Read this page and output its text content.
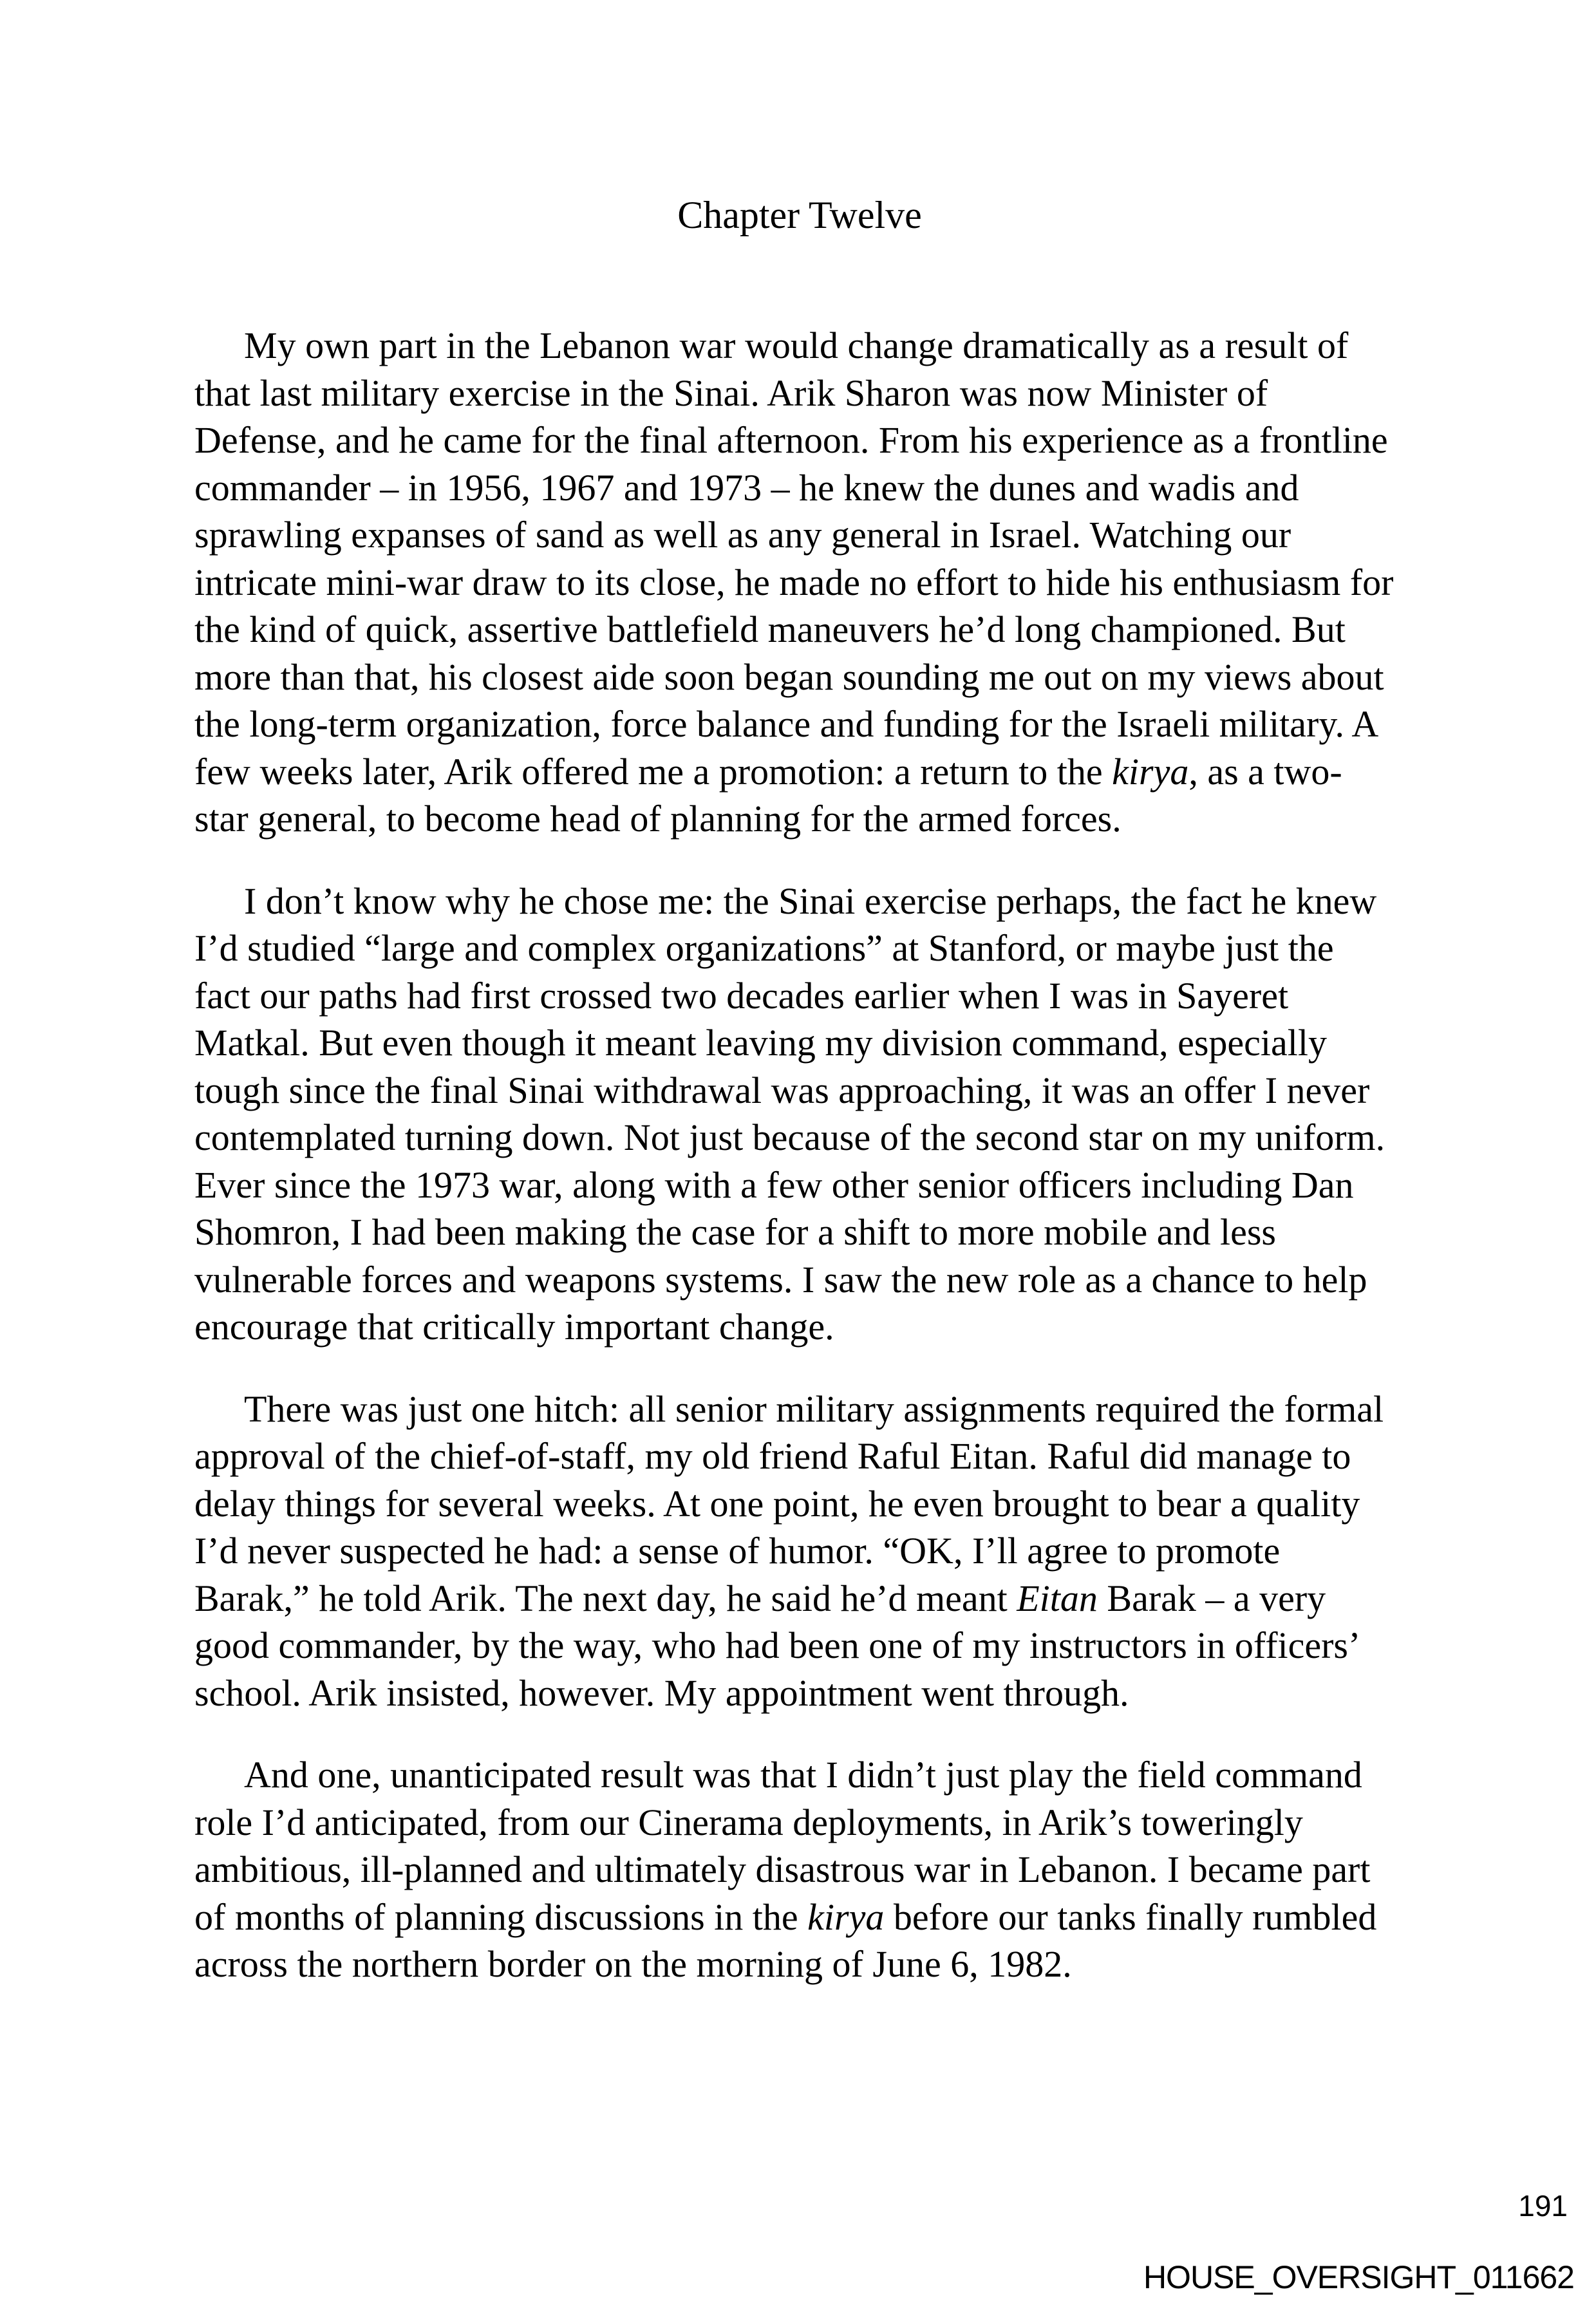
Chapter Twelve

My own part in the Lebanon war would change dramatically as a result of
that last military exercise in the Sinai. Arik Sharon was now Minister of
Defense, and he came for the final afternoon. From his experience as a frontline
commander – in 1956, 1967 and 1973 – he knew the dunes and wadis and
sprawling expanses of sand as well as any general in Israel. Watching our
intricate mini-war draw to its close, he made no effort to hide his enthusiasm for
the kind of quick, assertive battlefield maneuvers he’d long championed. But
more than that, his closest aide soon began sounding me out on my views about
the long-term organization, force balance and funding for the Israeli military. A
few weeks later, Arik offered me a promotion: a return to the kirya, as a two-
star general, to become head of planning for the armed forces.

I don’t know why he chose me: the Sinai exercise perhaps, the fact he knew
I’d studied “large and complex organizations” at Stanford, or maybe just the
fact our paths had first crossed two decades earlier when I was in Sayeret
Matkal. But even though it meant leaving my division command, especially
tough since the final Sinai withdrawal was approaching, it was an offer I never
contemplated turning down. Not just because of the second star on my uniform.
Ever since the 1973 war, along with a few other senior officers including Dan
Shomron, I had been making the case for a shift to more mobile and less
vulnerable forces and weapons systems. I saw the new role as a chance to help
encourage that critically important change.

There was just one hitch: all senior military assignments required the formal
approval of the chief-of-staff, my old friend Raful Eitan. Raful did manage to
delay things for several weeks. At one point, he even brought to bear a quality
I’d never suspected he had: a sense of humor. “OK, I’ll agree to promote
Barak,” he told Arik. The next day, he said he’d meant Eitan Barak – a very
good commander, by the way, who had been one of my instructors in officers’
school. Arik insisted, however. My appointment went through.

And one, unanticipated result was that I didn’t just play the field command
role I’d anticipated, from our Cinerama deployments, in Arik’s toweringly
ambitious, ill-planned and ultimately disastrous war in Lebanon. I became part
of months of planning discussions in the kirya before our tanks finally rumbled
across the northern border on the morning of June 6, 1982.

191
HOUSE_OVERSIGHT_011662
